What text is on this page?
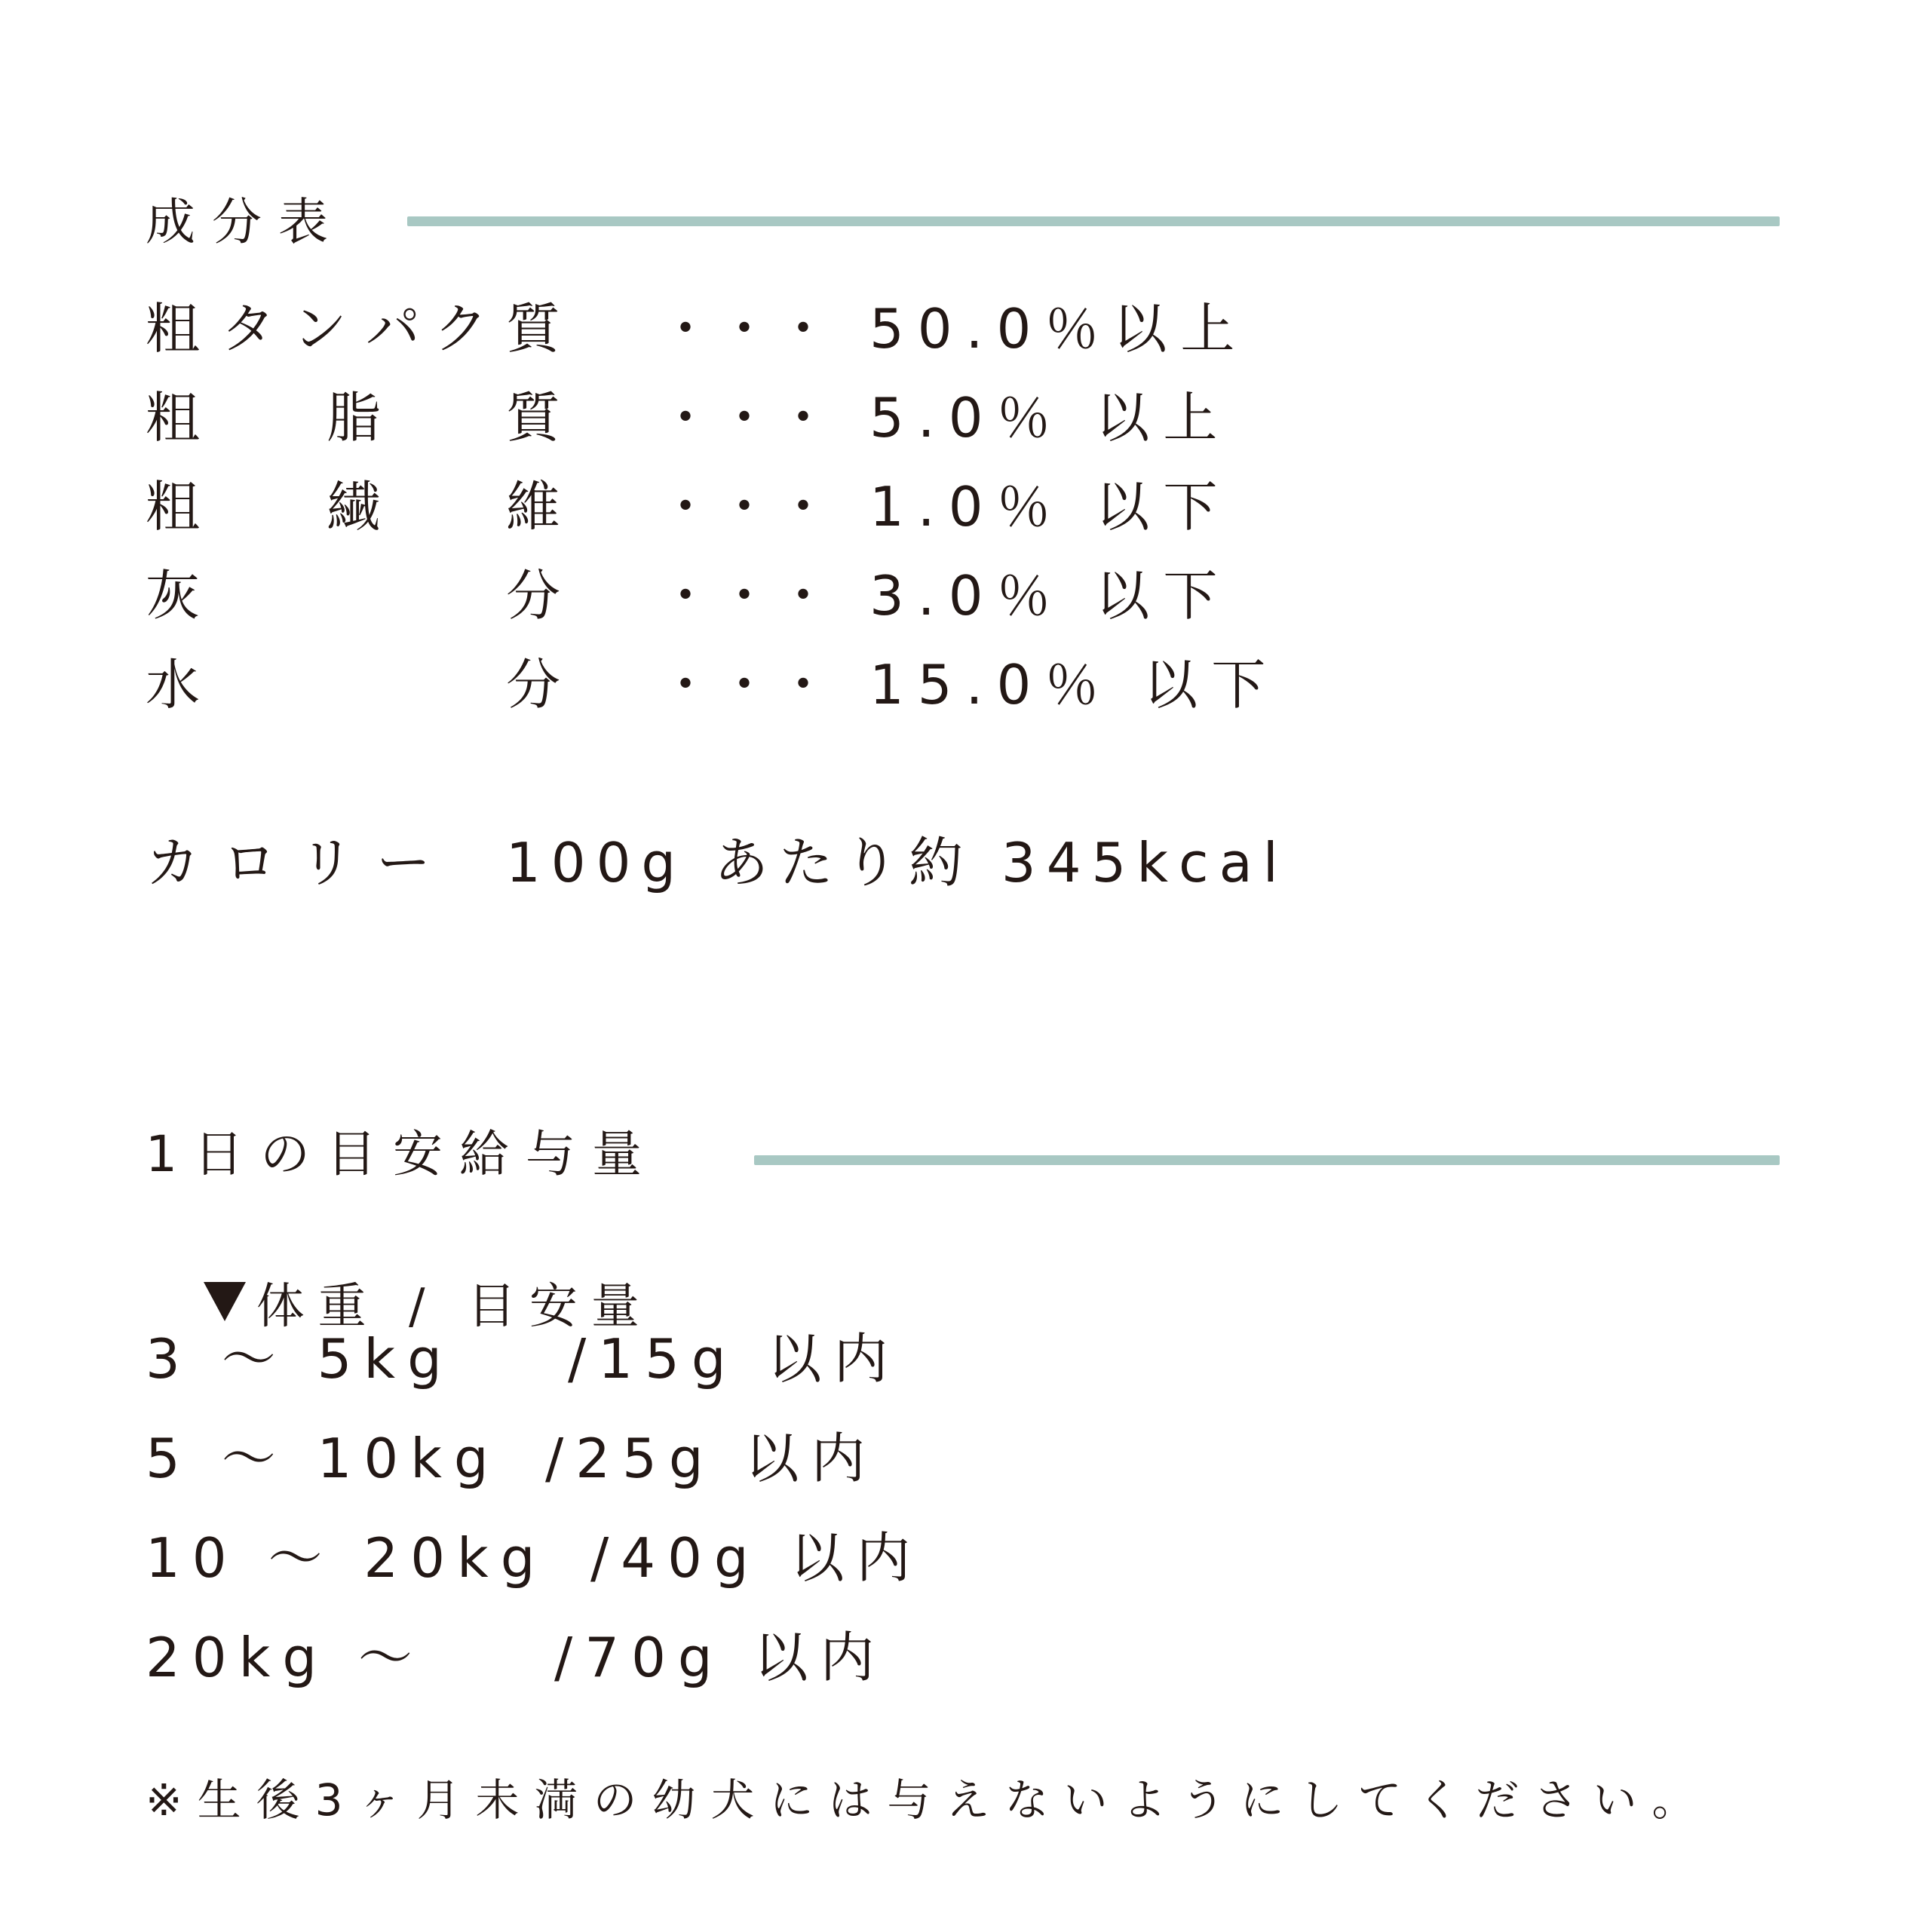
成分表

粗

タ

ン

パ

ク

質

・・・

50.0％以上

粗

脂

質

・・・

5.0％ 以上

粗

繊

維

・・・

1.0％ 以下

灰

	分

・・・

3.0％ 以下

水

	分

・・・

15.0％ 以下

カロリー

100g あたり約 345kcal

1日の目安給与量

体重 / 目安量

3 ～ 5kg

/15g 以内

5 ～ 10kg

/25g 以内

10 ～ 20kg

/40g 以内

20kg ～

/70g 以内

※生後3ヶ月未満の幼犬には与えないようにしてください。
